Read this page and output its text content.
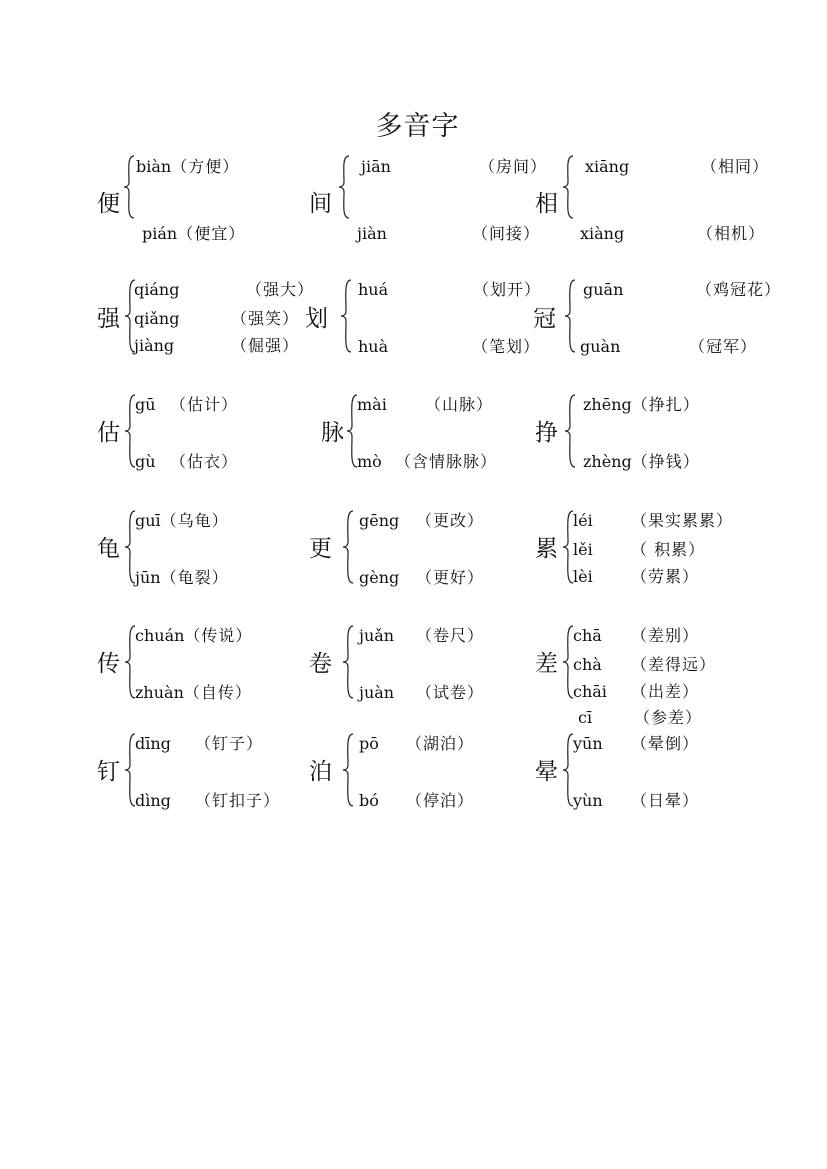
多音字
便
biàn（方便）
pián（便宜）
间
jiān	（房间）
jiàn	（间接）
相
xiāng	（相同）
xiàng	（相机）
强
qiáng	（强大）
qiǎng	（强笑）
jiàng	（倔强）
划
huá	（划开）
huà	（笔划）
冠
guān	（鸡冠花）
guàn	（冠军）
估
gū （估计）
gù （估衣）
脉
mài （山脉）
mò （含情脉脉）
挣
zhēng（挣扎）
zhèng（挣钱）
龟
guī（乌龟）
jūn（龟裂）
更
gēng （更改）
gèng （更好）
累
léi （果实累累）
lěi （ 积累）
lèi （劳累）
传
chuán（传说）
zhuàn（自传）
卷
juǎn （卷尺）
juàn （试卷）
差
chā （差别）
chà （差得远）
chāi （出差）
cī	（参差）
钉
dīng （钉子）
dìng （钉扣子）
泊
pō （湖泊）
bó （停泊）
晕
yūn （晕倒）
yùn （日晕）
